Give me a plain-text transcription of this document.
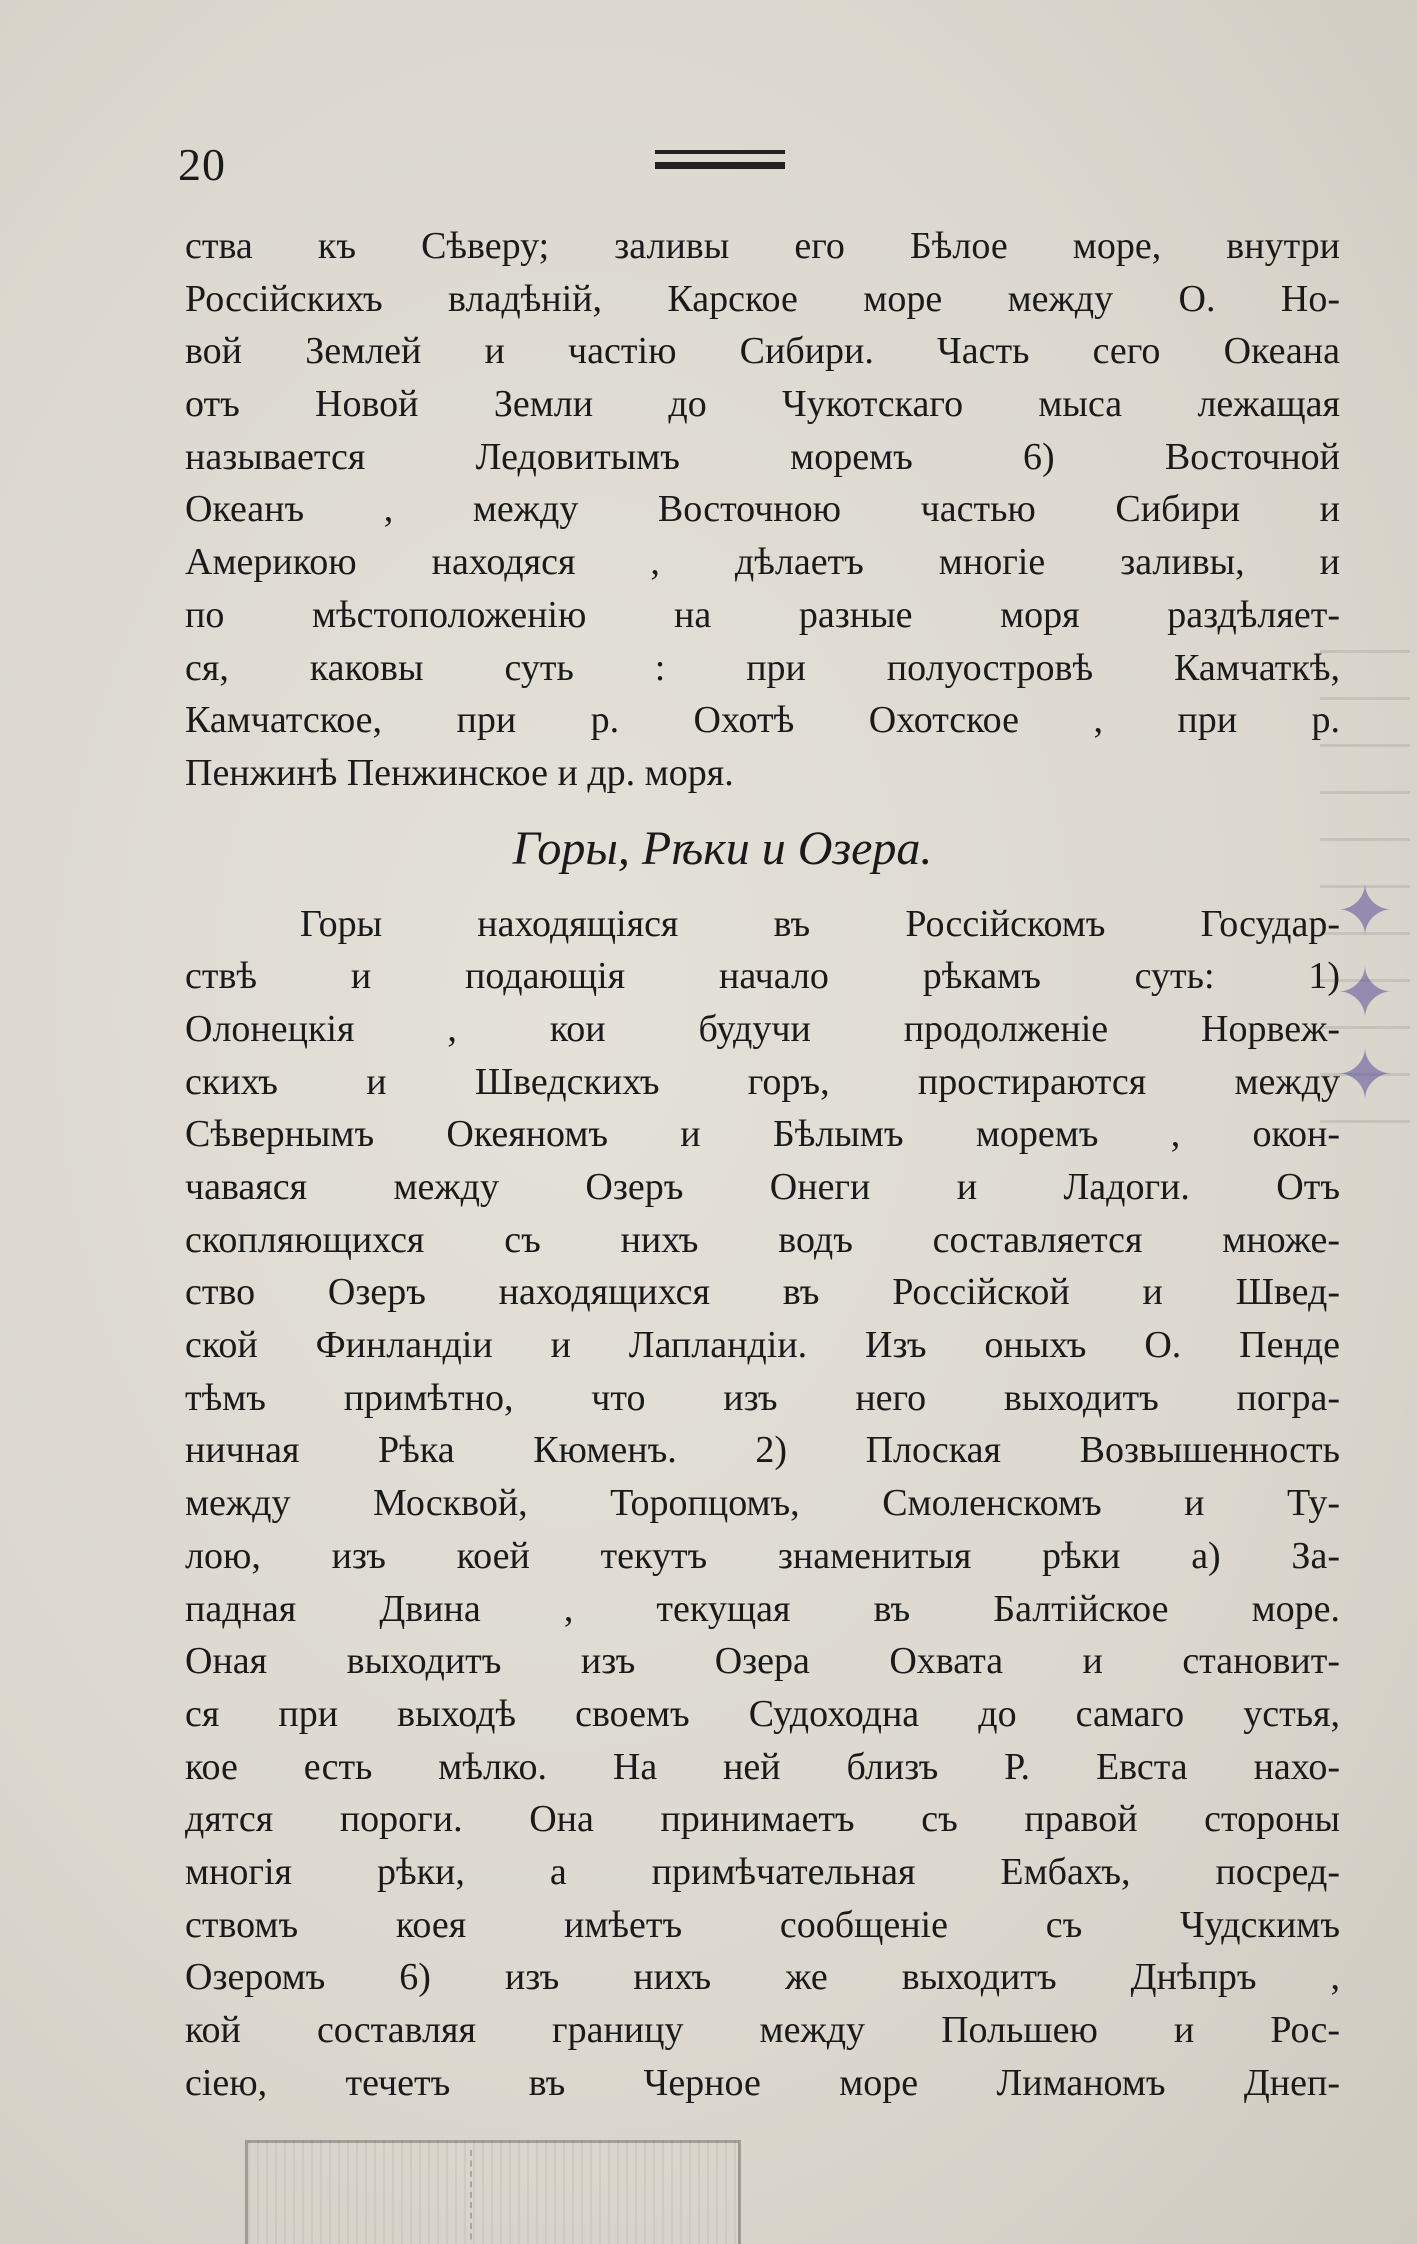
✦✦✦
20
ства къ Сѣверу; заливы его Бѣлое море, внутри
Россійскихъ владѣній, Карское море между О. Но-
вой Землей и частію Сибири. Часть сего Океана
отъ Новой Земли до Чукотскаго мыса лежащая
называется Ледовитымъ моремъ 6) Восточной
Океанъ , между Восточною частью Сибири и
Америкою находяся , дѣлаетъ многіе заливы, и
по мѣстоположенію на разные моря раздѣляет-
ся, каковы суть : при полуостровѣ Камчаткѣ,
Камчатское, при р. Охотѣ Охотское , при р.
Пенжинѣ Пенжинское и др. моря.
Горы, Рѣки и Озера.
Горы находящіяся въ Россійскомъ Государ-
ствѣ и подающія начало рѣкамъ суть: 1)
Олонецкія , кои будучи продолженіе Норвеж-
скихъ и Шведскихъ горъ, простираются между
Сѣвернымъ Океяномъ и Бѣлымъ моремъ , окон-
чаваяся между Озеръ Онеги и Ладоги. Отъ
скопляющихся съ нихъ водъ составляется множе-
ство Озеръ находящихся въ Россійской и Швед-
ской Финландіи и Лапландіи. Изъ оныхъ О. Пенде
тѣмъ примѣтно, что изъ него выходитъ погра-
ничная Рѣка Кюменъ. 2) Плоская Возвышенность
между Москвой, Торопцомъ, Смоленскомъ и Ту-
лою, изъ коей текутъ знаменитыя рѣки а) За-
падная Двина , текущая въ Балтійское море.
Оная выходитъ изъ Озера Охвата и становит-
ся при выходѣ своемъ Судоходна до самаго устья,
кое есть мѣлко. На ней близъ Р. Евста нахо-
дятся пороги. Она принимаетъ съ правой стороны
многія рѣки, а примѣчательная Ембахъ, посред-
ствомъ коея имѣетъ сообщеніе съ Чудскимъ
Озеромъ 6) изъ нихъ же выходитъ Днѣпръ ,
кой составляя границу между Польшею и Рос-
сіею, течетъ въ Черное море Лиманомъ Днеп-
